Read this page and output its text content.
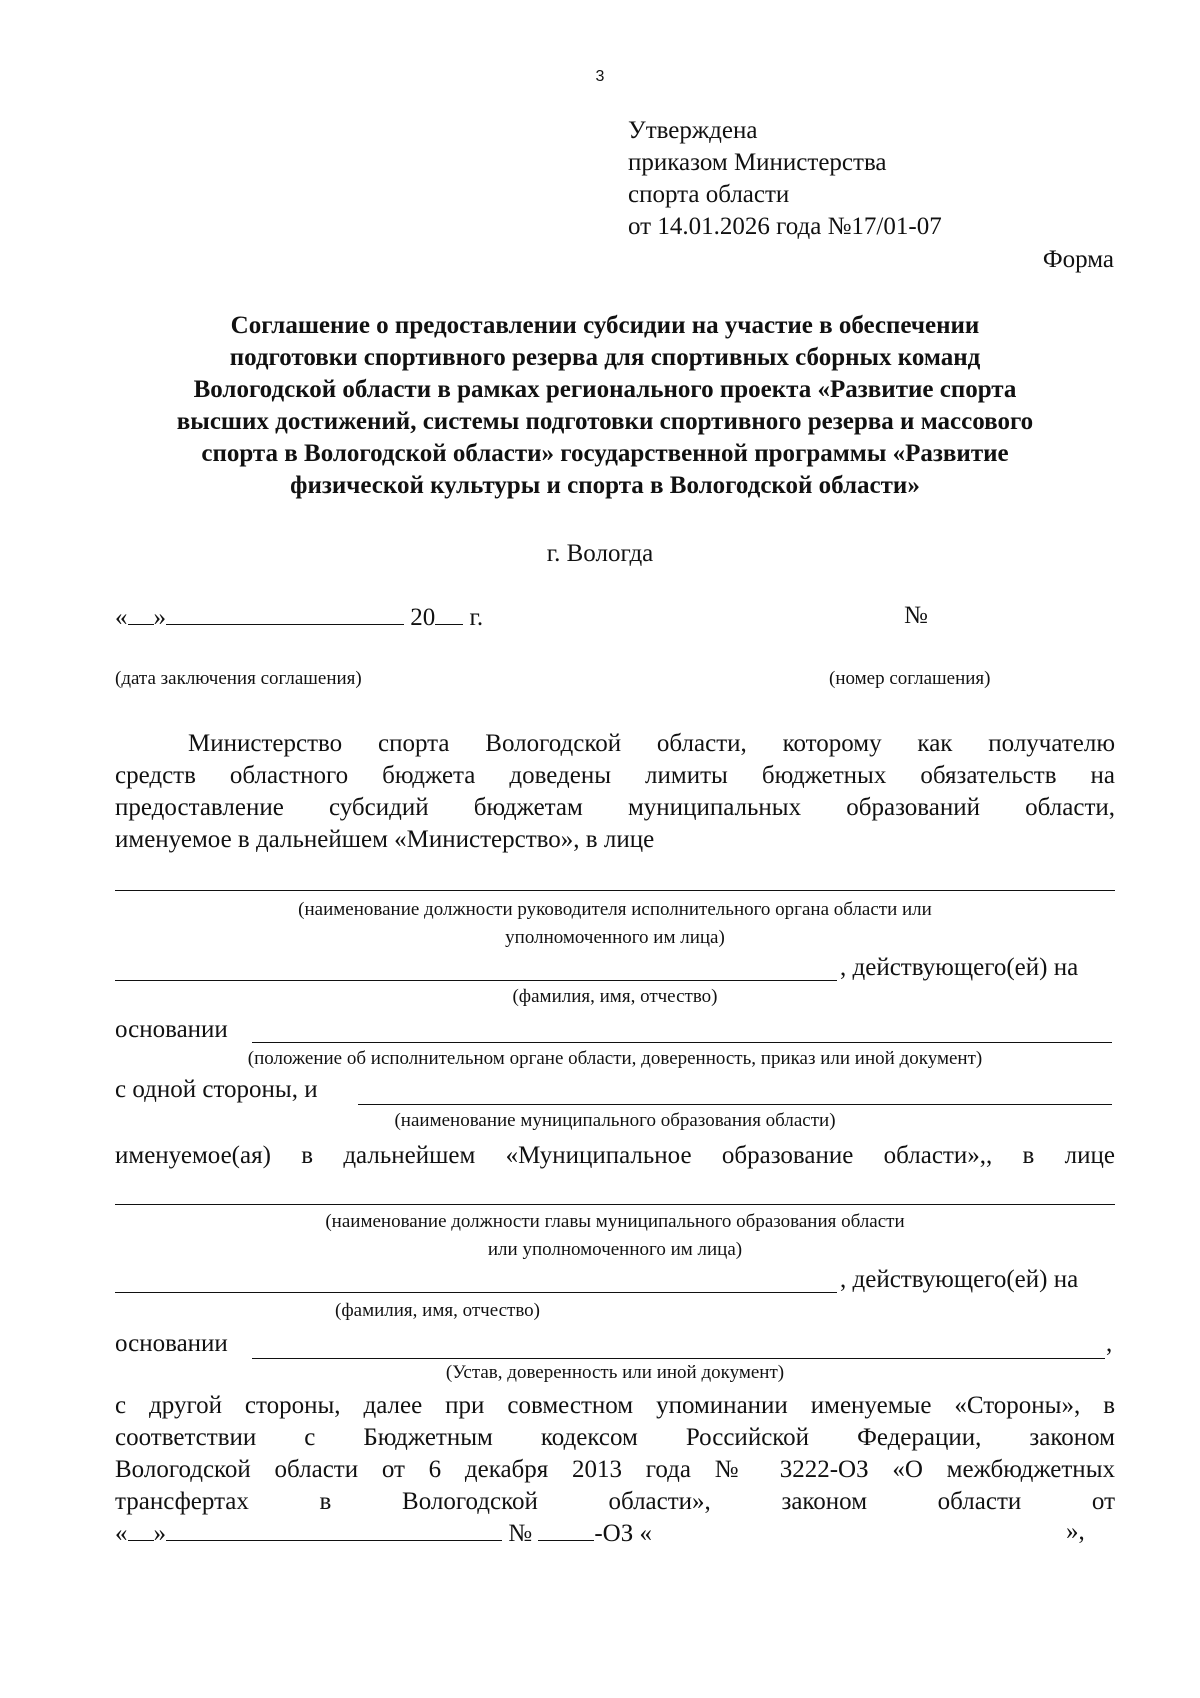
3
Утверждена
приказом Министерства
спорта области
от 14.01.2026 года №17/01-07
Форма
Соглашение о предоставлении субсидии на участие в обеспечении
подготовки спортивного резерва для спортивных сборных команд
Вологодской области в рамках регионального проекта «Развитие спорта
высших достижений, системы подготовки спортивного резерва и массового
спорта в Вологодской области» государственной программы «Развитие
физической культуры и спорта в Вологодской области»
г. Вологда
« »	20 г.	№
(дата заключения соглашения)	(номер соглашения)
Министерство спорта Вологодской области, которому как получателю
средств областного бюджета доведены лимиты бюджетных обязательств на
предоставление субсидий бюджетам муниципальных образований области,
именуемое в дальнейшем «Министерство», в лице
(наименование должности руководителя исполнительного органа области или
уполномоченного им лица)
, действующего(ей) на
(фамилия, имя, отчество)
основании
(положение об исполнительном органе области, доверенность, приказ или иной документ)
с одной стороны, и
(наименование муниципального образования области)
именуемое(ая) в дальнейшем «Муниципальное образование области»,, в лице
(наименование должности главы муниципального образования области
или уполномоченного им лица)
, действующего(ей) на
(фамилия, имя, отчество)
основании	,
(Устав, доверенность или иной документ)
с другой стороны, далее при совместном упоминании именуемые «Стороны», в
соответствии с Бюджетным кодексом Российской Федерации, законом
Вологодской области от 6 декабря 2013 года № 3222-ОЗ «О межбюджетных
трансфертах в Вологодской области», законом области от
« »	№ -ОЗ «	»,
